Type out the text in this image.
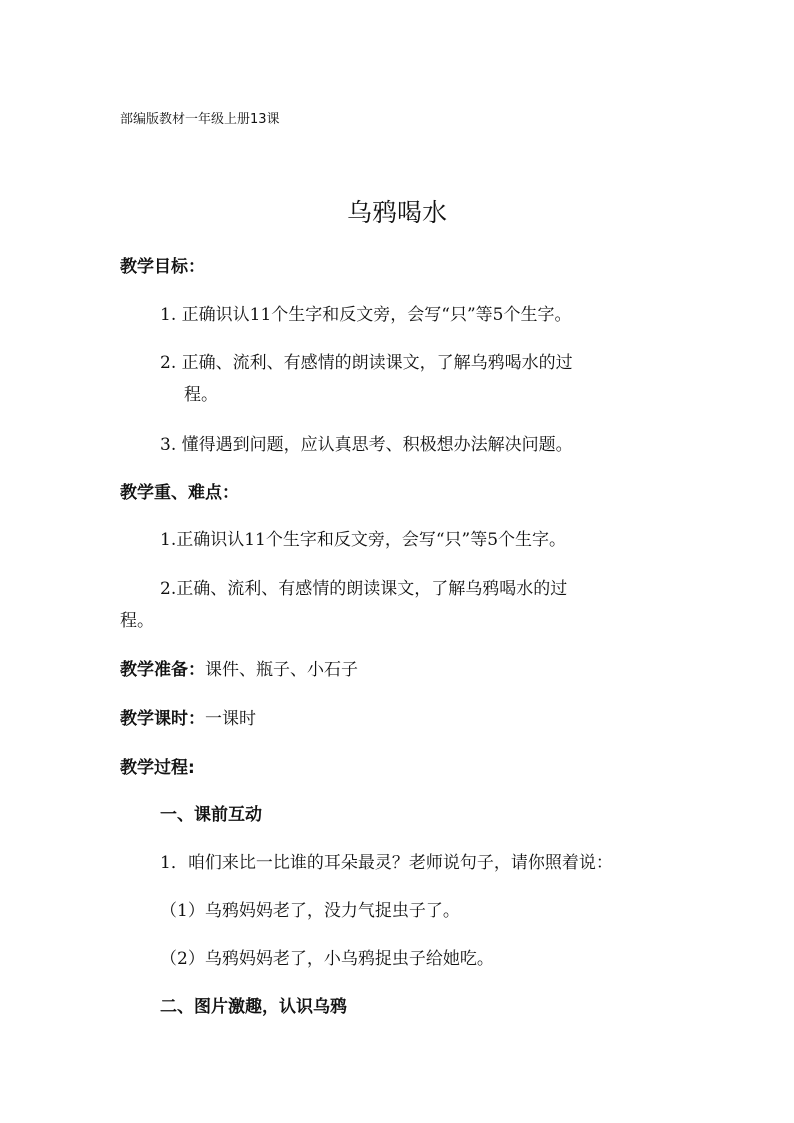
部编版教材一年级上册13课
乌鸦喝水
教学目标：
1. 正确识认11个生字和反文旁，会写“只”等5个生字。
2. 正确、流利、有感情的朗读课文，了解乌鸦喝水的过
程。
3. 懂得遇到问题，应认真思考、积极想办法解决问题。
教学重、难点：
1.正确识认11个生字和反文旁，会写“只”等5个生字。
2.正确、流利、有感情的朗读课文，了解乌鸦喝水的过
程。
教学准备：课件、瓶子、小石子
教学课时：一课时
教学过程:
一、课前互动
1．咱们来比一比谁的耳朵最灵？老师说句子，请你照着说：
（1）乌鸦妈妈老了，没力气捉虫子了。
（2）乌鸦妈妈老了，小乌鸦捉虫子给她吃。
二、图片激趣，认识乌鸦
